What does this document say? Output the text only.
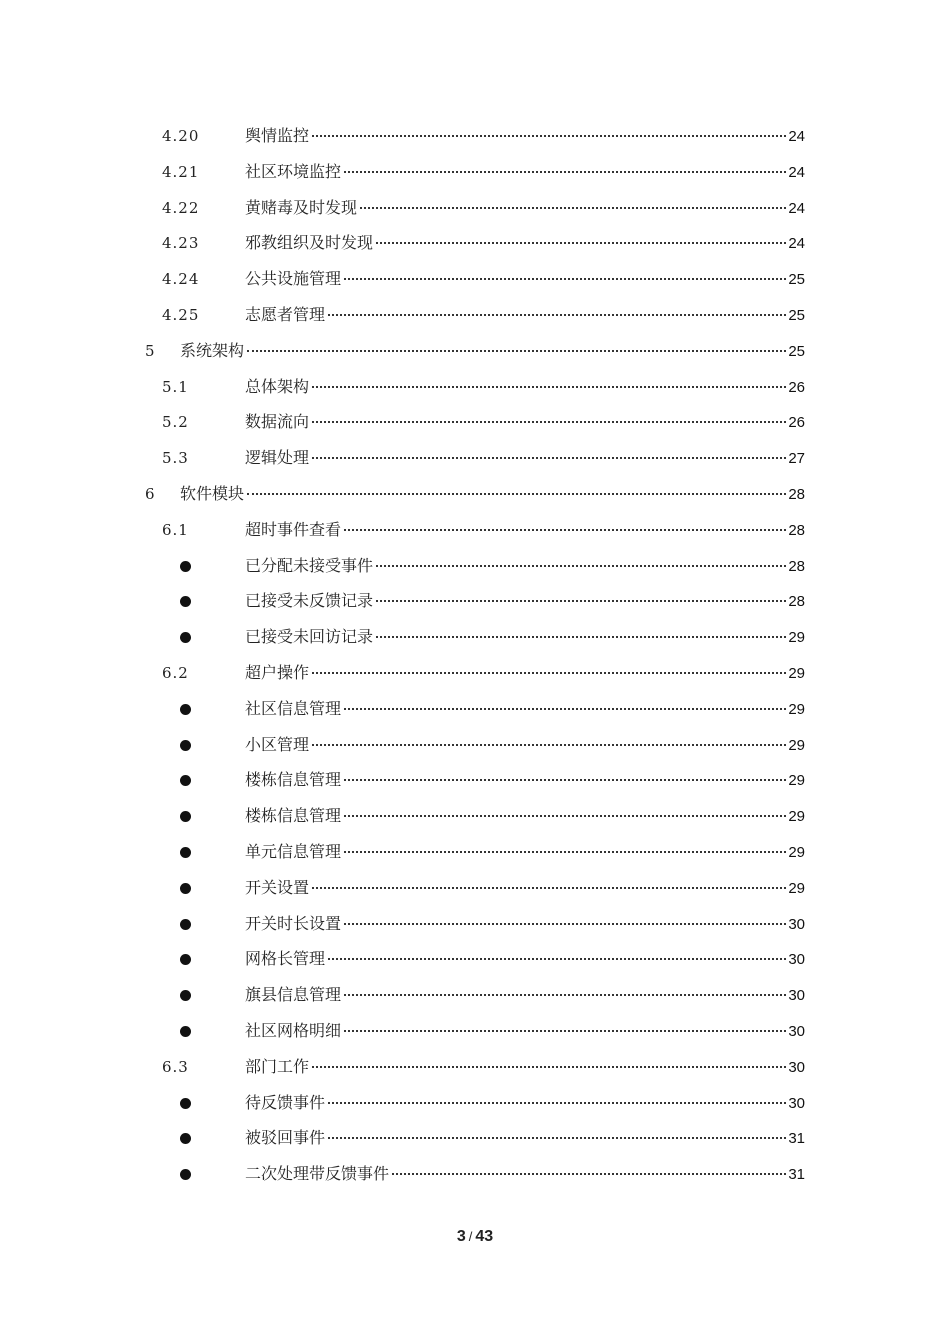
4.20	舆情监控	24
4.21	社区环境监控	24
4.22	黄赌毒及时发现	24
4.23	邪教组织及时发现	24
4.24	公共设施管理	25
4.25	志愿者管理	25
5 系统架构	25
5.1	总体架构	26
5.2	数据流向	26
5.3	逻辑处理	27
6 软件模块	28
6.1	超时事件查看	28
已分配未接受事件	28
已接受未反馈记录	28
已接受未回访记录	29
6.2	超户操作	29
社区信息管理	29
小区管理	29
楼栋信息管理	29
楼栋信息管理	29
单元信息管理	29
开关设置	29
开关时长设置	30
网格长管理	30
旗县信息管理	30
社区网格明细	30
6.3	部门工作	30
待反馈事件	30
被驳回事件	31
二次处理带反馈事件	31
3 / 43
